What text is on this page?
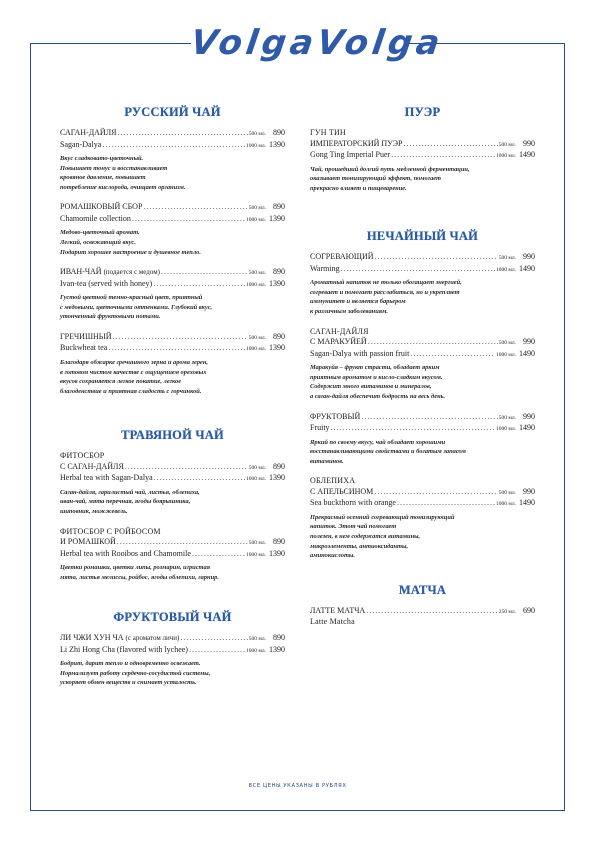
VolgaVolga
РУССКИЙ ЧАЙ
САГАН-ДАЙЛЯ .....	500 мл. 890
Sagan-Dalya .....	1000 мл. 1390
Вкус сладковато-цветочный.
Повышает тонус и восстанавливает
кровяное давление, повышает
потребление кислорода, очищает организм.
РОМАШКОВЫЙ СБОР .....	500 мл. 890
Chamomile collection .....	1000 мл. 1390
Медово-цветочный аромат.
Легкий, освежающий вкус.
Подарит хорошее настроение и душевное тепло.
ИВАН-ЧАЙ
(подается с медом) .....	500 мл. 890
Ivan-tea (served with honey) .....	1000 мл. 1390
Густой цветной темно-красный цвет, приятный
с медовыми, цветочными оттенками. Глубокий вкус,
утонченный фруктовыми нотами.
ГРЕЧИШНЫЙ .....	500 мл. 890
Buckwheat tea .....	1000 мл. 1390
Благодаря обжарке гречишного зерна и арома зерен,
в готовом чистом качестве с ощущением ореховых
вкусов сохраняется легкое покатие, легкое
благоденствие и приятная сладость с горчинкой.
ТРАВЯНОЙ ЧАЙ
ФИТОСБОР
С САГАН-ДАЙЛЯ .....	500 мл. 890
Herbal tea with Sagan-Dalya .....	1000 мл. 1390
Саган-дайля, гарилистый чай, листья, облепиха,
иван-чай, мята перечная, ягоды боярышника,
шиповник, можжевель.
ФИТОСБОР С РОЙБОСОМ
И РОМАШКОЙ .....	500 мл. 890
Herbal tea with Rooibos and Chamomile .....	1000 мл. 1390
Цветки ромашки, цветки липы, розмарин, игристая
мята, листья мелиссы, ройбос, ягоды облепихи, гарнир.
ФРУКТОВЫЙ ЧАЙ
ЛИ ЧЖИ ХУН ЧА
(с ароматом личи) .....	500 мл. 890
Li Zhi Hong Cha (flavored with lychee) .....	1000 мл. 1390
Бодрит, дарит тепло и одновременно освежает.
Нормализует работу сердечно-сосудистой системы,
ускоряет обмен веществ и снимает усталость.
ПУЭР
ГУН ТИН
ИМПЕРАТОРСКИЙ ПУЭР .....	500 мл. 990
Gong Ting Imperial Puer .....	1000 мл. 1490
Чай, прошедший долгий путь медленной ферментации,
оказывает тонизирующий эффект, помогает
прекрасно влияет и пищеварение.
НЕЧАЙНЫЙ ЧАЙ
СОГРЕВАЮЩИЙ .....	500 мл. 990
Warming .....	1000 мл. 1490
Ароматный напиток не только обогащает энергией,
согревает и помогает расслабиться, но и укрепляет
иммунитет и является барьером
к различным заболеваниям.
САГАН-ДАЙЛЯ
С МАРАКУЙЕЙ .....	500 мл. 990
Sagan-Dalya with passion fruit .....	1000 мл. 1490
Маракуйя – фрукт страсти, обладает ярким
приятным ароматом и кисло-сладким вкусом.
Содержит много витаминов и минералов,
а саган-дайля обеспечит бодрость на весь день.
ФРУКТОВЫЙ .....	500 мл. 990
Fruity .....	1000 мл. 1490
Яркий по своему вкусу, чай обладает хорошими
восстанавливающими свойствами и богатым запасом
витаминов.
ОБЛЕПИХА
С АПЕЛЬСИНОМ .....	500 мл. 990
Sea buckthorn with orange .....	1000 мл. 1490
Прекрасный осенний согревающий тонизирующий
напиток. Этот чай помогает
полезен, в нем содержатся витамины,
микроэлементы, антиоксиданты,
аминокислоты.
МАТЧА
ЛАТТЕ МАТЧА .....	250 мл. 690
Latte Matcha
ВСЕ ЦЕНЫ УКАЗАНЫ В РУБЛЯХ
